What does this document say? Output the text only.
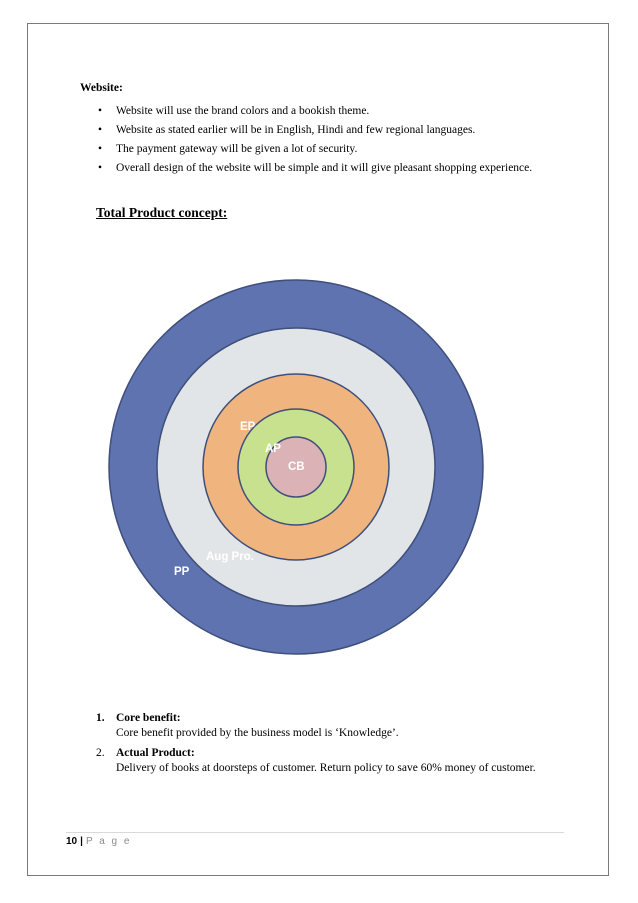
Website:
• Website will use the brand colors and a bookish theme.
• Website as stated earlier will be in English, Hindi and few regional languages.
• The payment gateway will be given a lot of security.
• Overall design of the website will be simple and it will give pleasant shopping experience.
Total Product concept:
PP
Aug Pro.
EP
AP
CB
1. Core benefit:
Core benefit provided by the business model is ‘Knowledge’.
2. Actual Product:
Delivery of books at doorsteps of customer. Return policy to save 60% money of customer.
10 | P a g e
